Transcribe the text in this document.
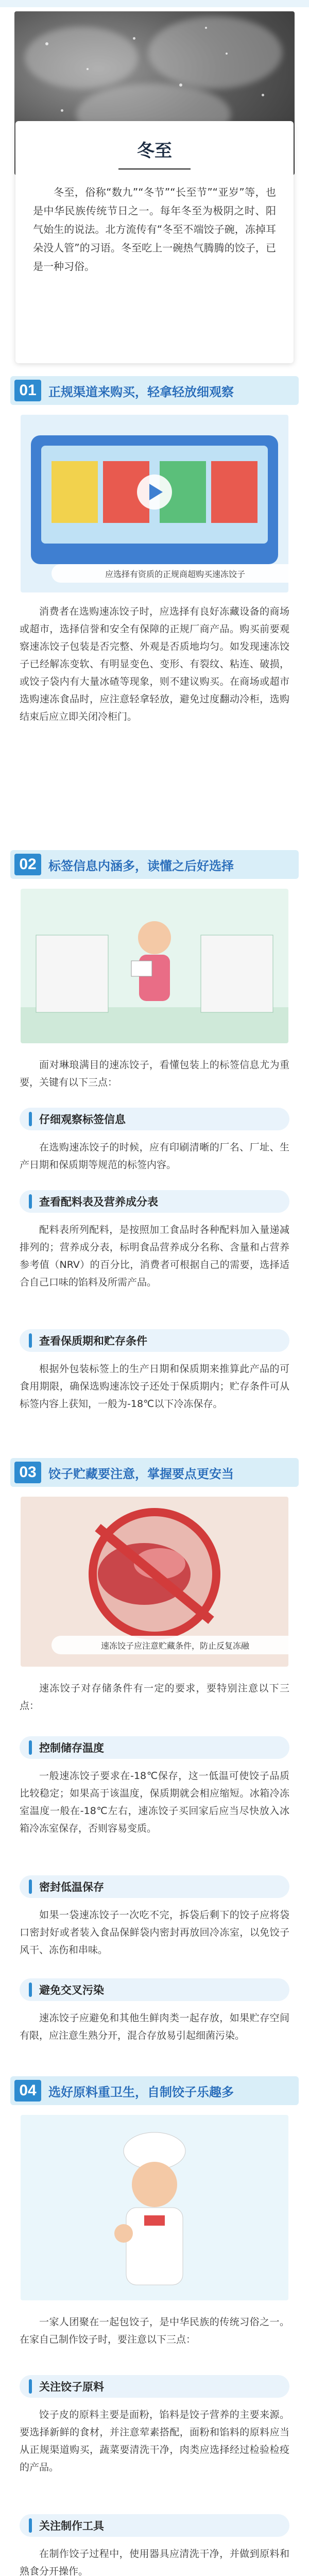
冬至
冬至，俗称“数九”“冬节”“长至节”“亚岁”等，也是中华民族传统节日之一。每年冬至为极阴之时、阳气始生的说法。北方流传有“冬至不端饺子碗，冻掉耳朵没人管”的习语。冬至吃上一碗热气腾腾的饺子，已是一种习俗。
01 正规渠道来购买，轻拿轻放细观察
应选择有资质的正规商超购买速冻饺子
消费者在选购速冻饺子时，应选择有良好冻藏设备的商场或超市，选择信誉和安全有保障的正规厂商产品。购买前要观察速冻饺子包装是否完整、外观是否质地均匀。如发现速冻饺子已经解冻变软、有明显变色、变形、有裂纹、粘连、破损，或饺子袋内有大量冰碴等现象，则不建议购买。在商场或超市选购速冻食品时，应注意轻拿轻放，避免过度翻动冷柜，选购结束后应立即关闭冷柜门。
02 标签信息内涵多，读懂之后好选择
面对琳琅满目的速冻饺子，看懂包装上的标签信息尤为重要，关键有以下三点：
仔细观察标签信息
在选购速冻饺子的时候，应有印刷清晰的厂名、厂址、生产日期和保质期等规范的标签内容。
查看配料表及营养成分表
配料表所列配料，是按照加工食品时各种配料加入量递减排列的；营养成分表，标明食品营养成分名称、含量和占营养参考值（NRV）的百分比，消费者可根据自己的需要，选择适合自己口味的馅料及所需产品。
查看保质期和贮存条件
根据外包装标签上的生产日期和保质期来推算此产品的可食用期限，确保选购速冻饺子还处于保质期内；贮存条件可从标签内容上获知，一般为-18℃以下冷冻保存。
03 饺子贮藏要注意，掌握要点更安当
速冻饺子应注意贮藏条件，防止反复冻融
速冻饺子对存储条件有一定的要求，要特别注意以下三点：
控制储存温度
一般速冻饺子要求在-18℃保存，这一低温可使饺子品质比较稳定；如果高于该温度，保质期就会相应缩短。冰箱冷冻室温度一般在-18℃左右，速冻饺子买回家后应当尽快放入冰箱冷冻室保存，否则容易变质。
密封低温保存
如果一袋速冻饺子一次吃不完，拆袋后剩下的饺子应将袋口密封好或者装入食品保鲜袋内密封再放回冷冻室，以免饺子风干、冻伤和串味。
避免交叉污染
速冻饺子应避免和其他生鲜肉类一起存放，如果贮存空间有限，应注意生熟分开，混合存放易引起细菌污染。
04 选好原料重卫生，自制饺子乐趣多
一家人团聚在一起包饺子，是中华民族的传统习俗之一。在家自己制作饺子时，要注意以下三点：
关注饺子原料
饺子皮的原料主要是面粉，馅料是饺子营养的主要来源。要选择新鲜的食材，并注意荤素搭配，面粉和馅料的原料应当从正规渠道购买，蔬菜要清洗干净，肉类应选择经过检验检疫的产品。
关注制作工具
在制作饺子过程中，使用器具应清洗干净，并做到原料和熟食分开操作。
